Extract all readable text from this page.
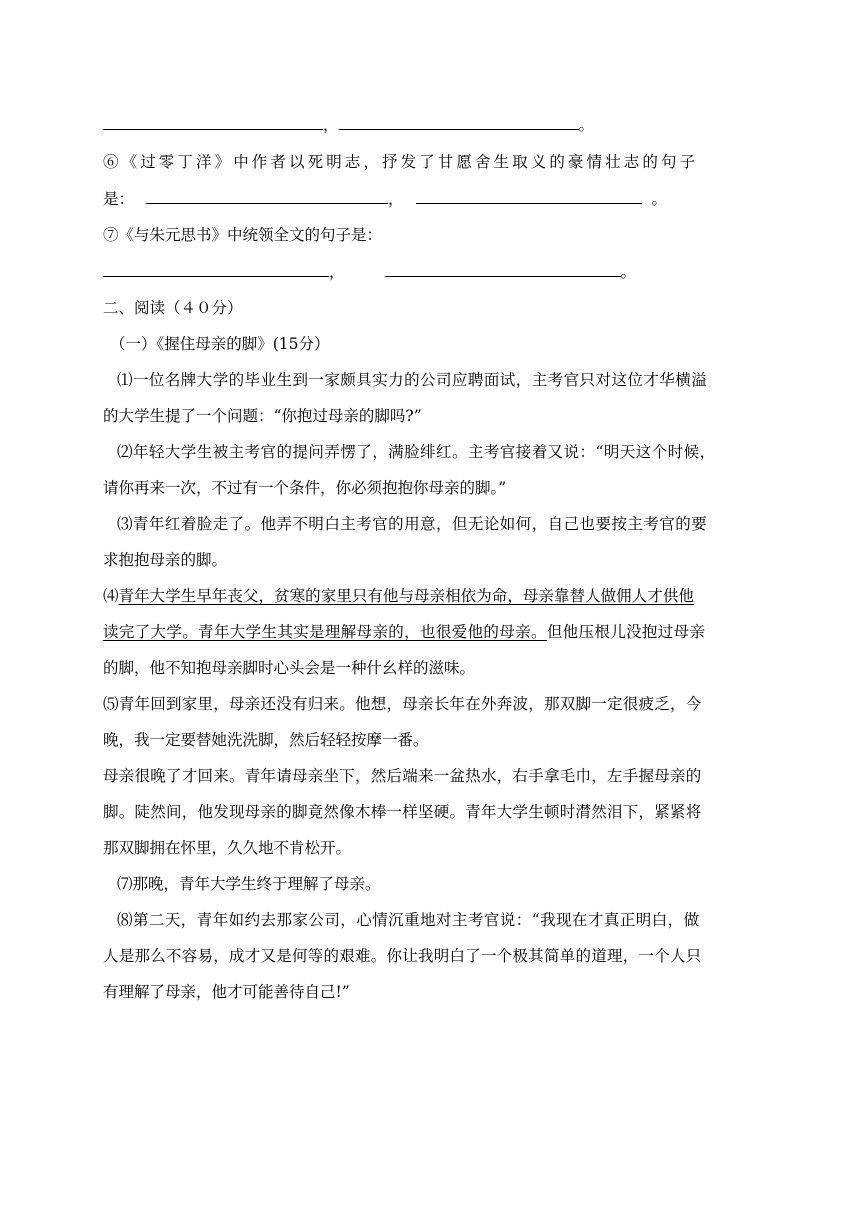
，	。
⑥《过零丁洋》中作者以死明志，抒发了甘愿舍生取义的豪情壮志的句子
是：	，	。
⑦《与朱元思书》中统领全文的句子是：
，	。
二、阅读（４０分）
（一）《握住母亲的脚》(15分）
⑴一位名牌大学的毕业生到一家颇具实力的公司应聘面试，主考官只对这位才华横溢
的大学生提了一个问题：“你抱过母亲的脚吗?”
⑵年轻大学生被主考官的提问弄愣了，满脸绯红。主考官接着又说：“明天这个时候，
请你再来一次，不过有一个条件，你必须抱抱你母亲的脚。”
⑶青年红着脸走了。他弄不明白主考官的用意，但无论如何，自己也要按主考官的要
求抱抱母亲的脚。
⑷青年大学生早年丧父，贫寒的家里只有他与母亲相依为命，母亲靠替人做佣人才供他
读完了大学。青年大学生其实是理解母亲的，也很爱他的母亲。但他压根儿没抱过母亲
的脚，他不知抱母亲脚时心头会是一种什幺样的滋味。
⑸青年回到家里，母亲还没有归来。他想，母亲长年在外奔波，那双脚一定很疲乏，今
晚，我一定要替她洗洗脚，然后轻轻按摩一番。
母亲很晚了才回来。青年请母亲坐下，然后端来一盆热水，右手拿毛巾，左手握母亲的
脚。陡然间，他发现母亲的脚竟然像木棒一样坚硬。青年大学生顿时潸然泪下，紧紧将
那双脚拥在怀里，久久地不肯松开。
⑺那晚，青年大学生终于理解了母亲。
⑻第二天，青年如约去那家公司，心情沉重地对主考官说：“我现在才真正明白，做
人是那么不容易，成才又是何等的艰难。你让我明白了一个极其简单的道理，一个人只
有理解了母亲，他才可能善待自己!”
